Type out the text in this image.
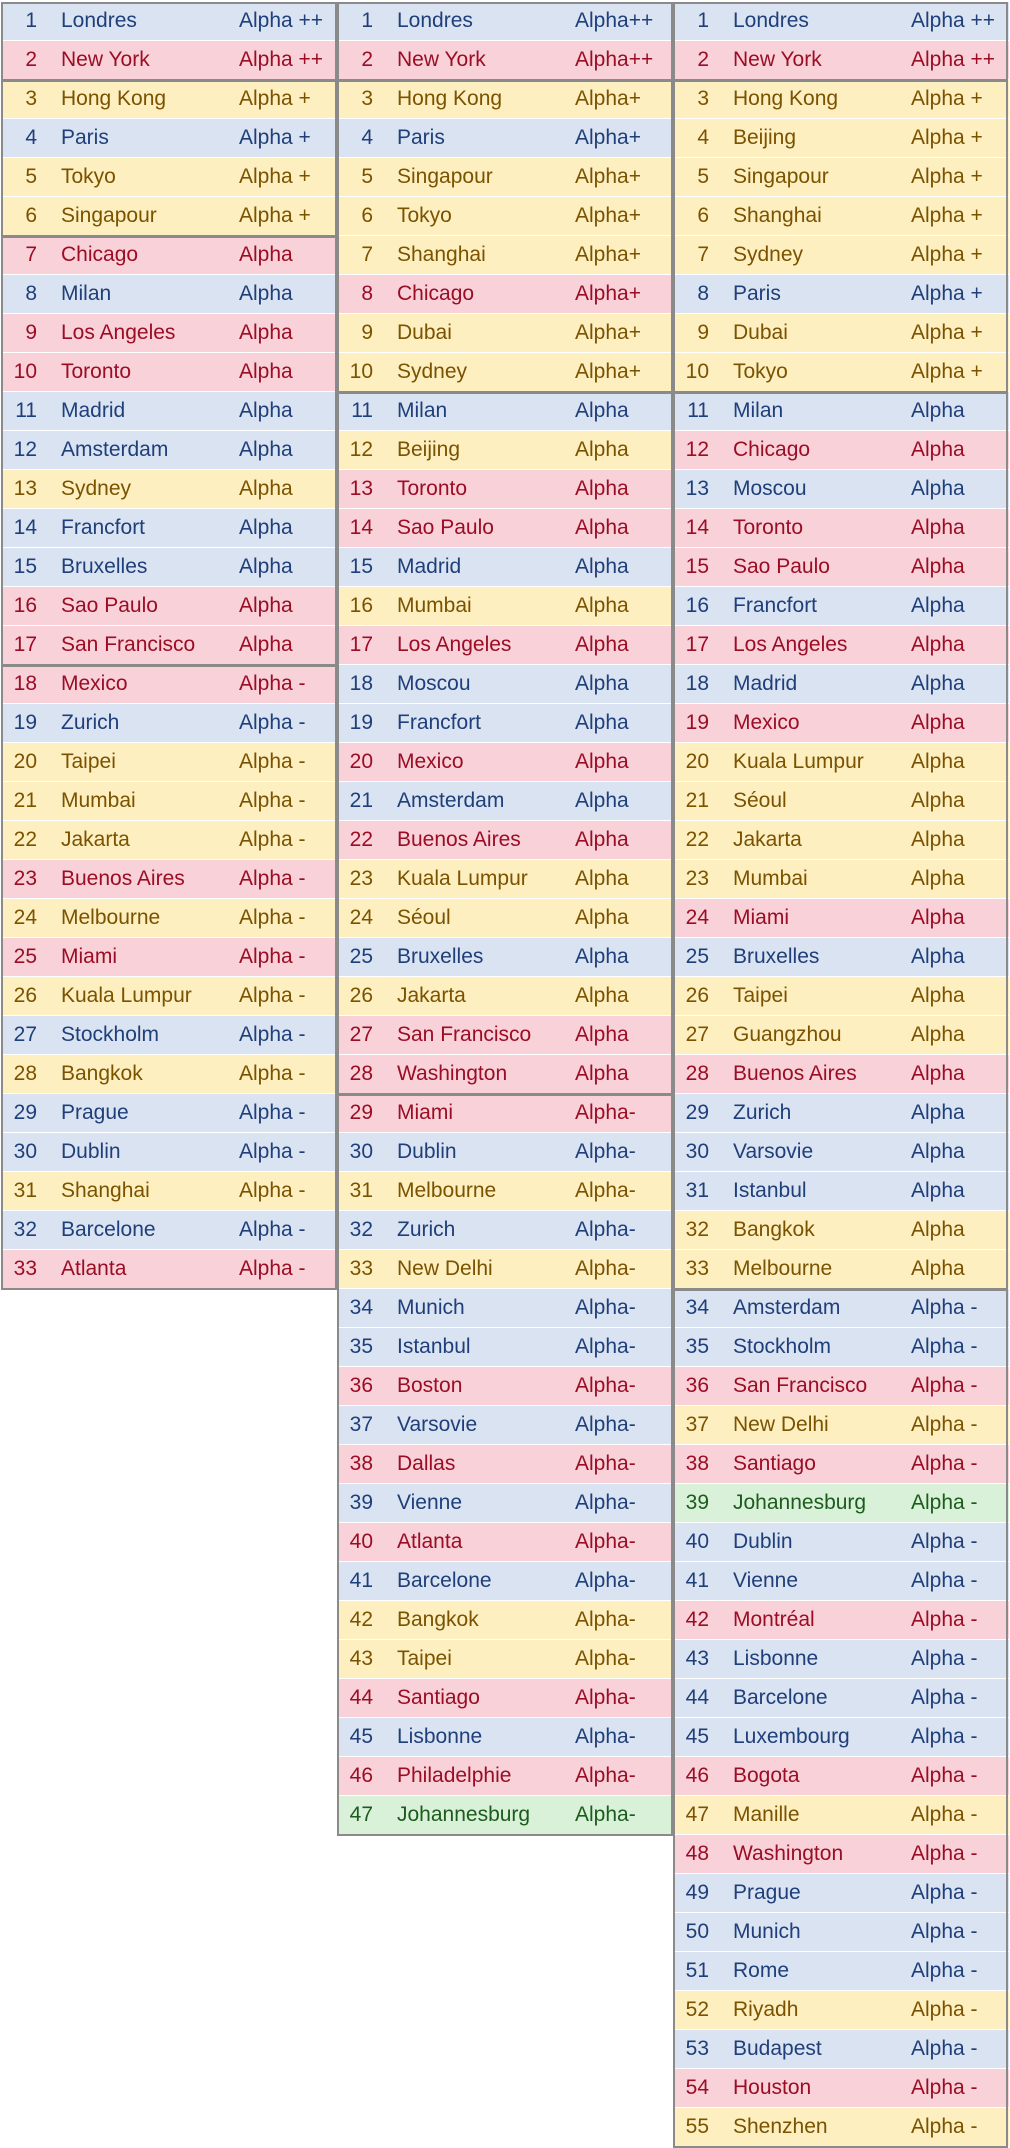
1 Londres	Alpha ++
2 New York	Alpha ++
3 Hong Kong	Alpha +
4 Paris	Alpha +
5 Tokyo	Alpha +
6 Singapour	Alpha +
7 Chicago	Alpha
8 Milan	Alpha
9 Los Angeles	Alpha
10 Toronto	Alpha
11 Madrid	Alpha
12 Amsterdam	Alpha
13 Sydney	Alpha
14 Francfort	Alpha
15 Bruxelles	Alpha
16 Sao Paulo	Alpha
17 San Francisco Alpha
18 Mexico	Alpha -
19 Zurich	Alpha -
20 Taipei	Alpha -
21 Mumbai	Alpha -
22 Jakarta	Alpha -
23 Buenos Aires	Alpha -
24 Melbourne	Alpha -
25 Miami	Alpha -
26 Kuala Lumpur Alpha -
27 Stockholm	Alpha -
28 Bangkok	Alpha -
29 Prague	Alpha -
30 Dublin	Alpha -
31 Shanghai	Alpha -
32 Barcelone	Alpha -
33 Atlanta	Alpha -
1 Londres	Alpha++
2 New York	Alpha++
3 Hong Kong	Alpha+
4 Paris	Alpha+
5 Singapour	Alpha+
6 Tokyo	Alpha+
7 Shanghai	Alpha+
8 Chicago	Alpha+
9 Dubai	Alpha+
10 Sydney	Alpha+
11 Milan	Alpha
12 Beijing	Alpha
13 Toronto	Alpha
14 Sao Paulo	Alpha
15 Madrid	Alpha
16 Mumbai	Alpha
17 Los Angeles	Alpha
18 Moscou	Alpha
19 Francfort	Alpha
20 Mexico	Alpha
21 Amsterdam	Alpha
22 Buenos Aires	Alpha
23 Kuala Lumpur Alpha
24 Séoul	Alpha
25 Bruxelles	Alpha
26 Jakarta	Alpha
27 San Francisco Alpha
28 Washington	Alpha
29 Miami	Alpha-
30 Dublin	Alpha-
31 Melbourne	Alpha-
32 Zurich	Alpha-
33 New Delhi	Alpha-
34 Munich	Alpha-
35 Istanbul	Alpha-
36 Boston	Alpha-
37 Varsovie	Alpha-
38 Dallas	Alpha-
39 Vienne	Alpha-
40 Atlanta	Alpha-
41 Barcelone	Alpha-
42 Bangkok	Alpha-
43 Taipei	Alpha-
44 Santiago	Alpha-
45 Lisbonne	Alpha-
46 Philadelphie	Alpha-
47 Johannesburg Alpha-
1 Londres	Alpha ++
2 New York	Alpha ++
3 Hong Kong	Alpha +
4 Beijing	Alpha +
5 Singapour	Alpha +
6 Shanghai	Alpha +
7 Sydney	Alpha +
8 Paris	Alpha +
9 Dubai	Alpha +
10 Tokyo	Alpha +
11 Milan	Alpha
12 Chicago	Alpha
13 Moscou	Alpha
14 Toronto	Alpha
15 Sao Paulo	Alpha
16 Francfort	Alpha
17 Los Angeles	Alpha
18 Madrid	Alpha
19 Mexico	Alpha
20 Kuala Lumpur Alpha
21 Séoul	Alpha
22 Jakarta	Alpha
23 Mumbai	Alpha
24 Miami	Alpha
25 Bruxelles	Alpha
26 Taipei	Alpha
27 Guangzhou	Alpha
28 Buenos Aires	Alpha
29 Zurich	Alpha
30 Varsovie	Alpha
31 Istanbul	Alpha
32 Bangkok	Alpha
33 Melbourne	Alpha
34 Amsterdam	Alpha -
35 Stockholm	Alpha -
36 San Francisco Alpha -
37 New Delhi	Alpha -
38 Santiago	Alpha -
39 Johannesburg Alpha -
40 Dublin	Alpha -
41 Vienne	Alpha -
42 Montréal	Alpha -
43 Lisbonne	Alpha -
44 Barcelone	Alpha -
45 Luxembourg	Alpha -
46 Bogota	Alpha -
47 Manille	Alpha -
48 Washington	Alpha -
49 Prague	Alpha -
50 Munich	Alpha -
51 Rome	Alpha -
52 Riyadh	Alpha -
53 Budapest	Alpha -
54 Houston	Alpha -
55 Shenzhen	Alpha -
